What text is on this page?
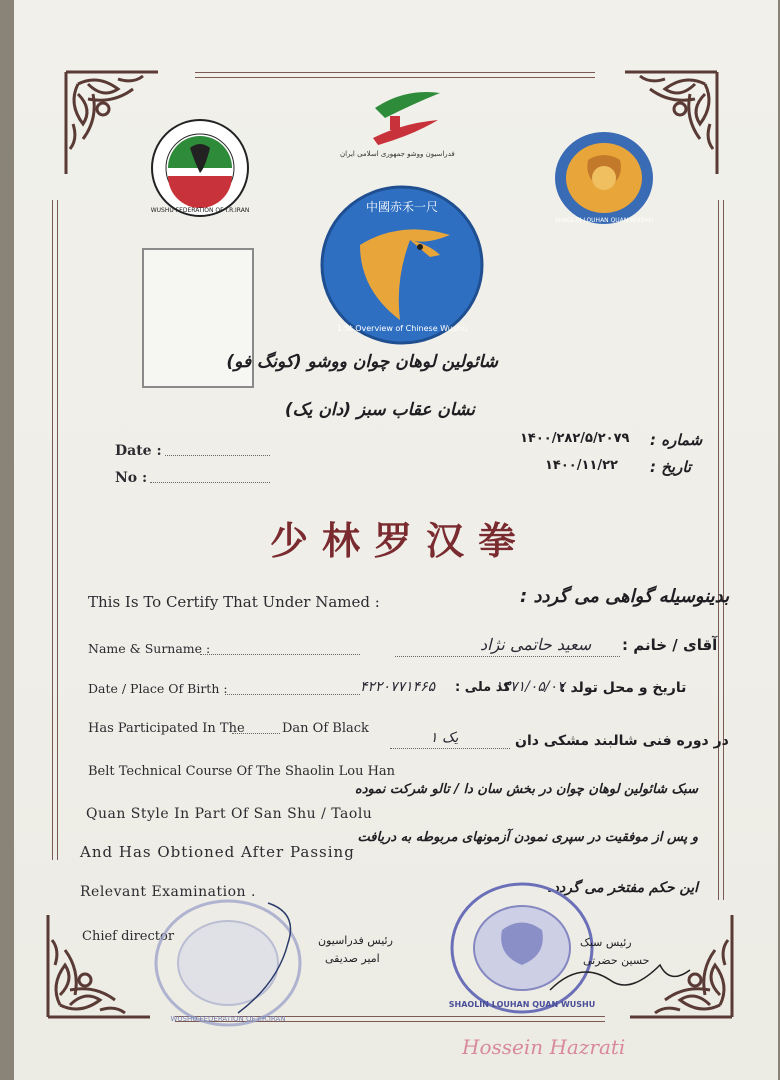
WUSHU FEDERATION OF I.R.IRAN
فدراسیون ووشو جمهوری اسلامی ایران
SHAOLIN LOUHAN QUAN WUSHU
中國赤禾一尺
1 St Overview of Chinese Wushu
شائولین لوهان چوان ووشو (کونگ فو)
نشان عقاب سبز (دان یک)
Date :
No :
شماره :
۱۴۰۰/۲۸۲/۵/۲۰۷۹
تاریخ :
۱۴۰۰/۱۱/۲۲
少林罗汉拳
This Is To Certify That Under Named :
Name & Surname :
Date / Place Of Birth :
Has Participated In The	Dan Of Black
Belt Technical Course Of The Shaolin Lou Han
Quan Style In Part Of San Shu / Taolu
And Has Obtioned After Passing
Relevant Examination .
Chief director
بدینوسیله گواهی می گردد :
آقای / خانم :
سعید حاتمی نژاد
تاریخ و محل تولد :
۱۳۷۱/۰۵/۰۷
کد ملی :
۴۲۲۰۷۷۱۴۶۵
در دوره فنی شالبند مشکی دان
یک ۱
سبک شائولین لوهان چوان در بخش سان دا / تالو شرکت نموده
و پس از موفقیت در سپری نمودن آزمونهای مربوطه به دریافت
این حکم مفتخر می گردد.
WUSHU FEDERATION OF I.R.IRAN
SHAOLIN LOUHAN QUAN WUSHU
رئیس فدراسیون
امیر صدیقی
رئیس سبک
حسین حضرتی
Hossein Hazrati
